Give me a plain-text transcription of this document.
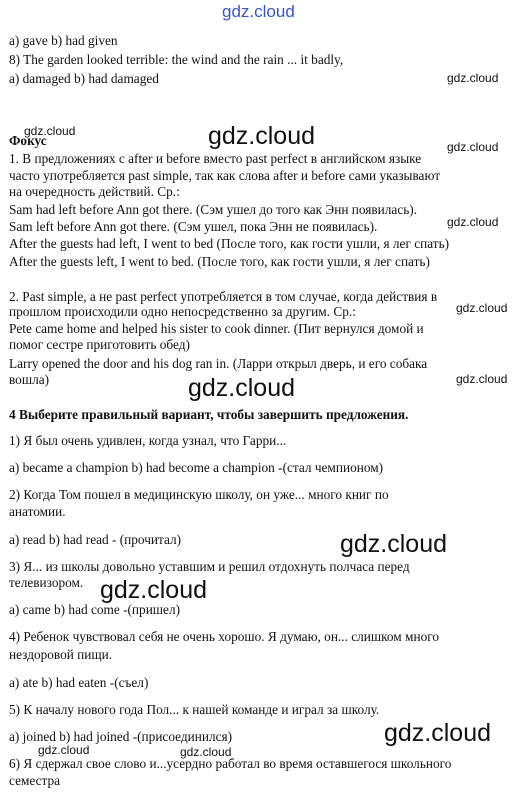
gdz.cloud
a) gave b) had given
8) The garden looked terrible: the wind and the rain ... it badly,
a) damaged b) had damaged
Фокус
1. В предложениях с after и before вместо past perfect в английском языке
часто употребляется past simple, так как слова after и before сами указывают
на очередность действий. Ср.:
Sam had left before Ann got there. (Сэм ушел до того как Энн появилась).
Sam left before Ann got there. (Сэм ушел, пока Энн не появилась).
After the guests had left, I went to bed (После того, как гости ушли, я лег спать)
After the guests left, I went to bed. (После того, как гости ушли, я лег спать)
2. Past simple, а не past perfect употребляется в том случае, когда действия в
прошлом происходили одно непосредственно за другим. Ср.:
Pete came home and helped his sister to cook dinner. (Пит вернулся домой и
помог сестре приготовить обед)
Larry opened the door and his dog ran in. (Ларри открыл дверь, и его собака
вошла)
4 Выберите правильный вариант, чтобы завершить предложения.
1) Я был очень удивлен, когда узнал, что Гарри...
a) became a champion b) had become a champion -(стал чемпионом)
2) Когда Том пошел в медицинскую школу, он уже... много книг по
анатомии.
a) read b) had read - (прочитал)
3) Я... из школы довольно уставшим и решил отдохнуть полчаса перед
телевизором.
a) came b) had come -(пришел)
4) Ребенок чувствовал себя не очень хорошо. Я думаю, он... слишком много
нездоровой пищи.
a) ate b) had eaten -(съел)
5) К началу нового года Пол... к нашей команде и играл за школу.
a) joined b) had joined -(присоединился)
6) Я сдержал свое слово и...усердно работал во время оставшегося школьного
семестра
gdz.cloud
gdz.cloud	gdz.cloud	gdz.cloud
gdz.cloud
gdz.cloud
gdz.cloud	gdz.cloud
gdz.cloud
gdz.cloud
gdz.cloud
gdz.cloud	gdz.cloud
